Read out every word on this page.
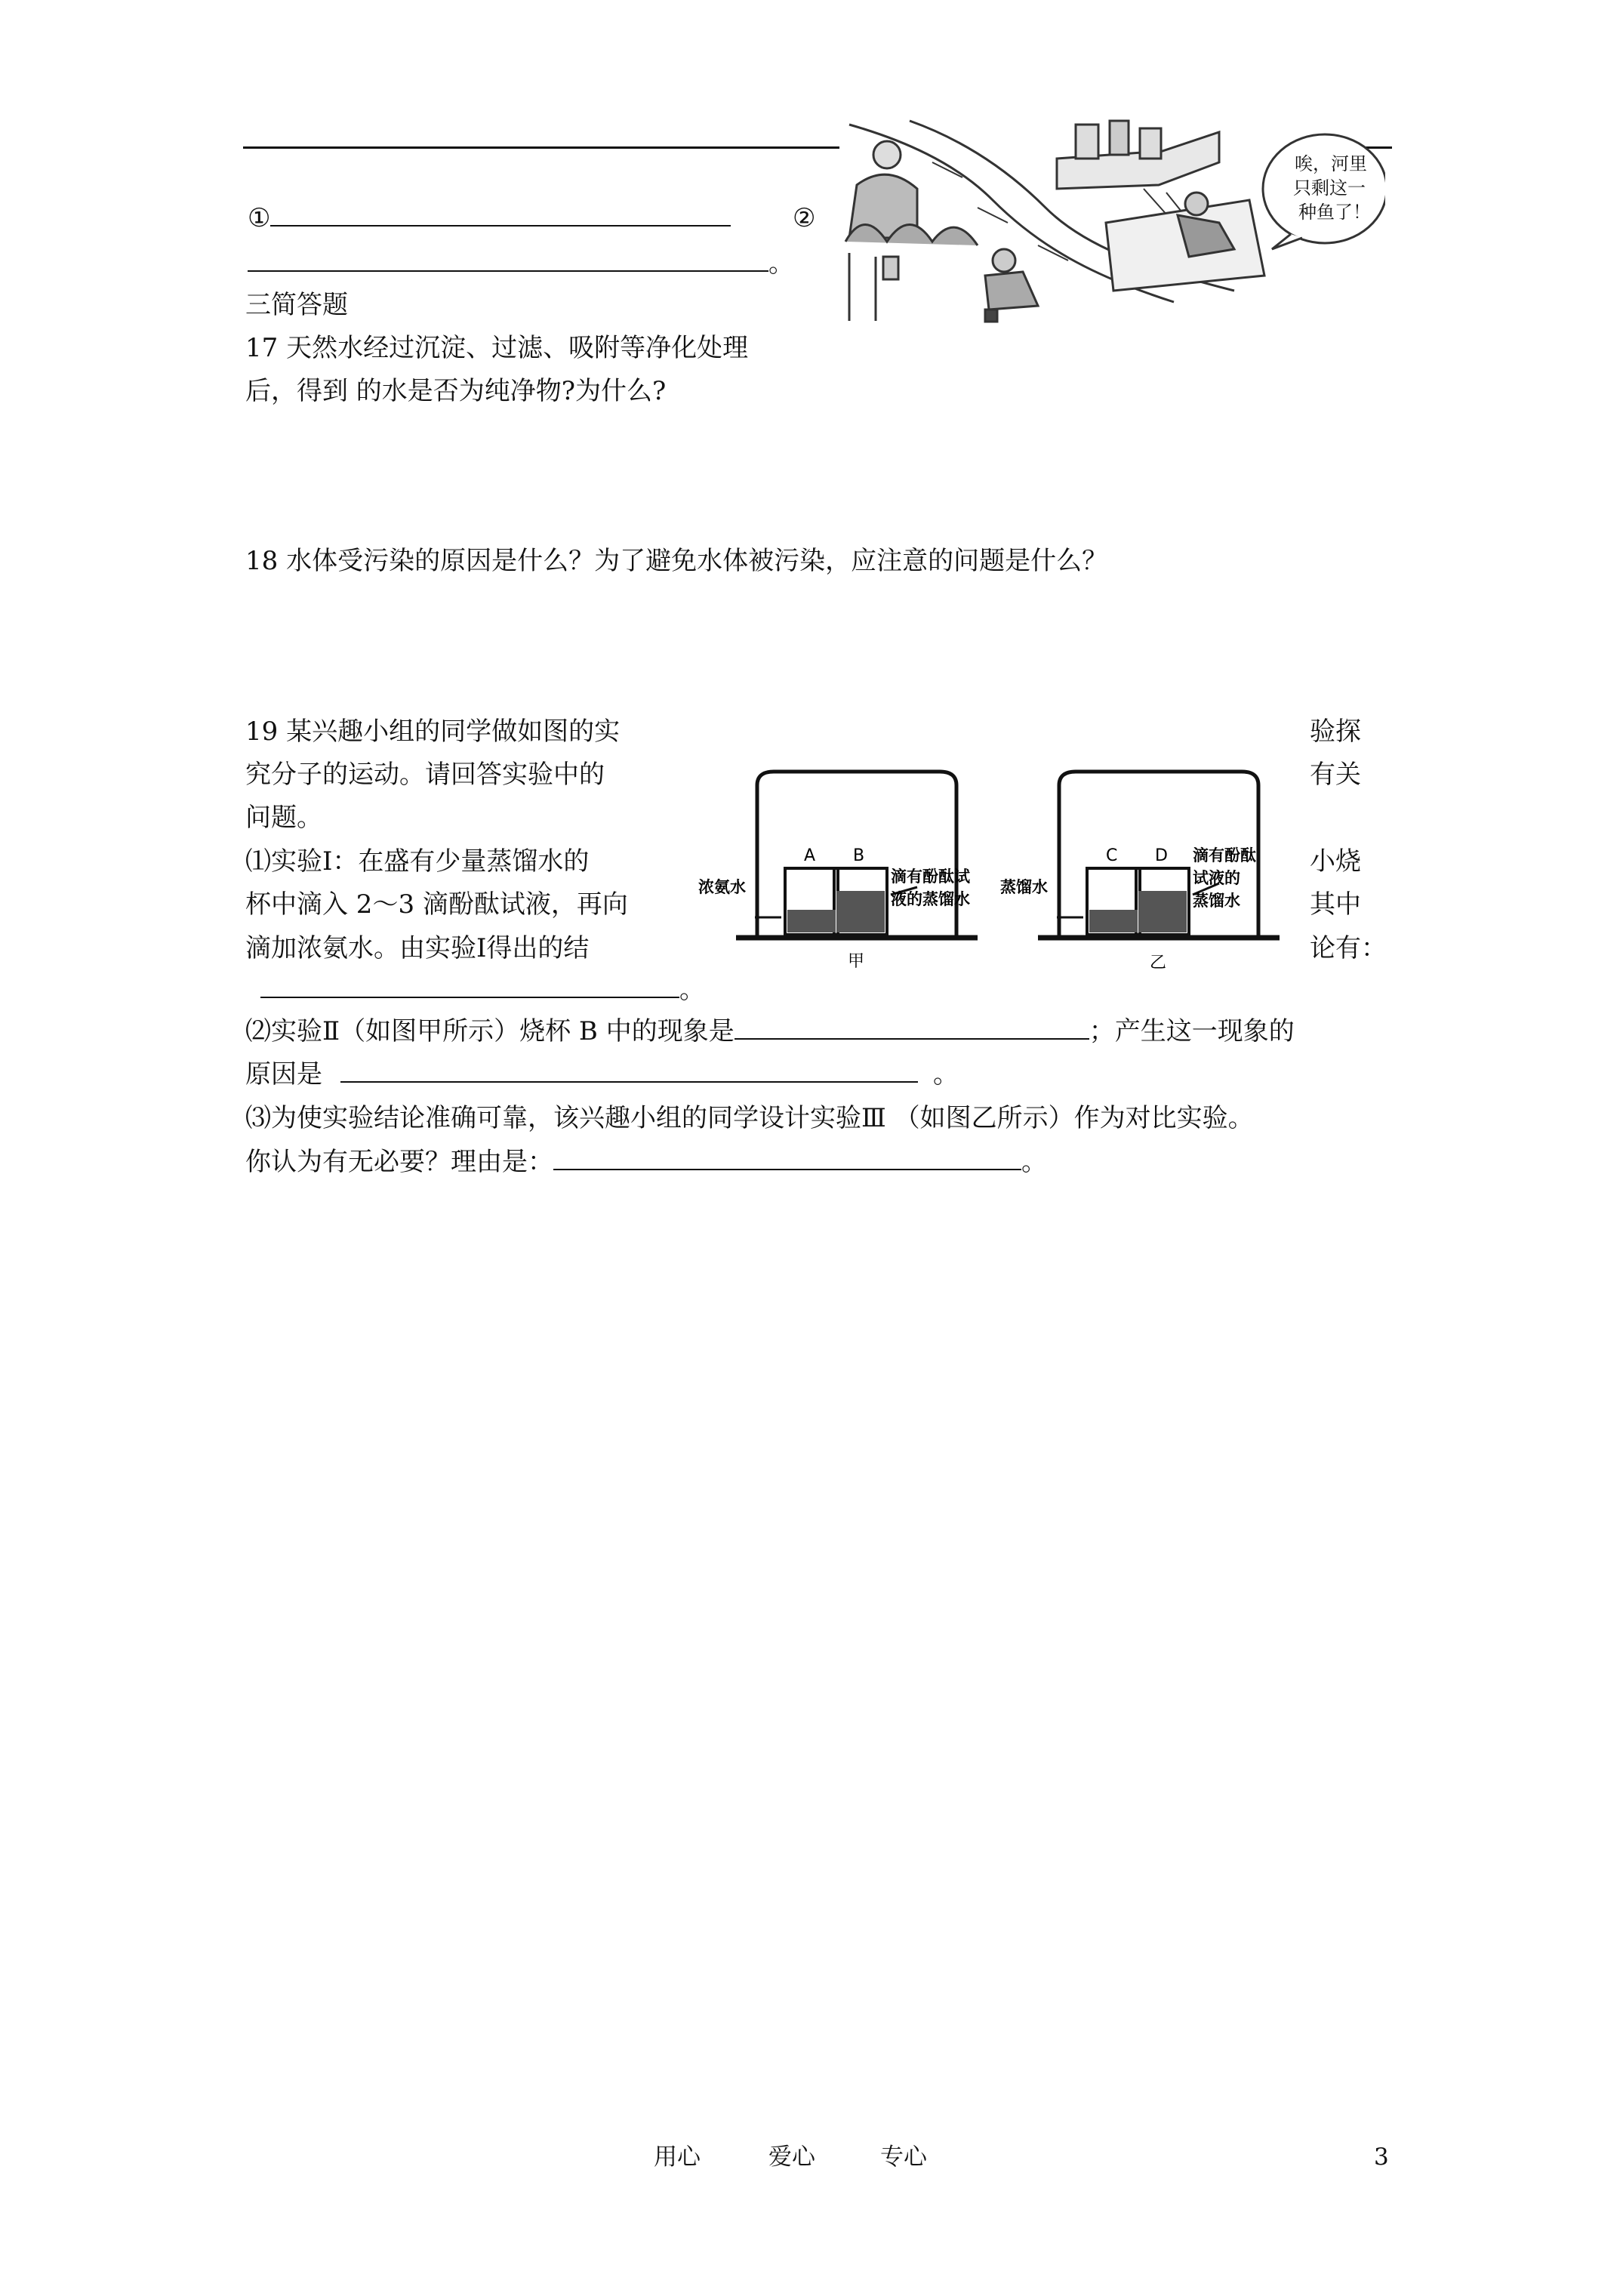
唉，河里
只剩这一
种鱼了！
①	②
。
三简答题
17 天然水经过沉淀、过滤、吸附等净化处理
后，得到 的水是否为纯净物?为什么?
18 水体受污染的原因是什么？为了避免水体被污染，应注意的问题是什么？
19 某兴趣小组的同学做如图的实	验探
究分子的运动。请回答实验中的	有关
问题。
⑴实验Ⅰ：在盛有少量蒸馏水的	小烧
杯中滴入 2～3 滴酚酞试液，再向	其中
滴加浓氨水。由实验Ⅰ得出的结	论有：
。
A B
浓氨水
滴有酚酞试
液的蒸馏水
甲
C D
蒸馏水
滴有酚酞
试液的
蒸馏水
乙
⑵实验Ⅱ（如图甲所示）烧杯 B 中的现象是	；产生这一现象的
原因是	。
⑶为使实验结论准确可靠，该兴趣小组的同学设计实验Ⅲ （如图乙所示）作为对比实验。
你认为有无必要？理由是：	。
用心	爱心	专心	3
